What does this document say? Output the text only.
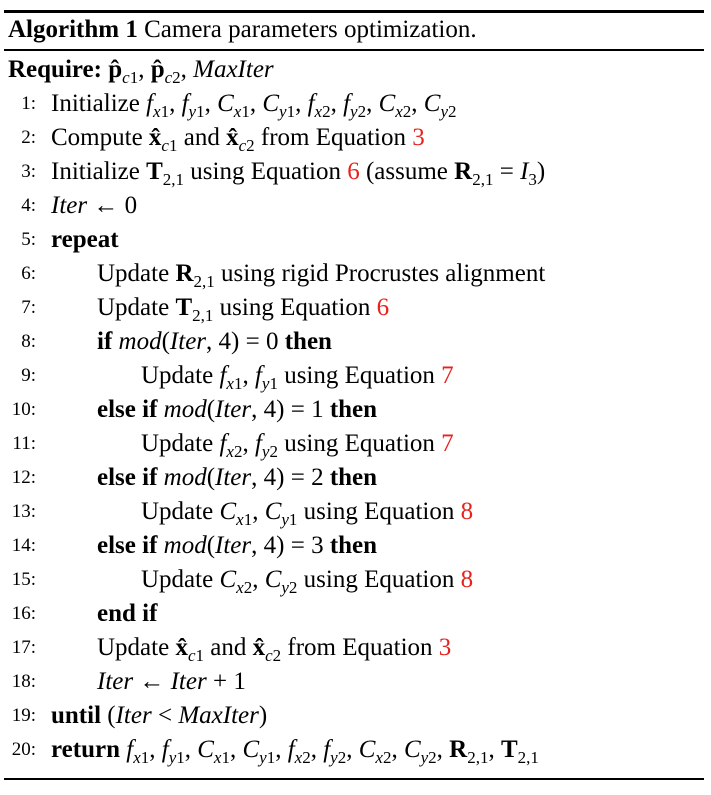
Algorithm 1 Camera parameters optimization.
Require: $p̂_{c1}$, $p̂_{c2}$, MaxIter
1 : Initialize $f_{x1}$, $f_{y1}$, $C_{x1}$, $C_{y1}$, $f_{x2}$, $f_{y2}$, $C_{x2}$, $C_{y2}$
2 : Compute $x̂_{c1}$ and $x̂_{c2}$ from Equation 3
3 : Initialize $T_{2,1}$ using Equation 6 (assume $R_{2,1} = I_3$)
4 : Iter ← 0
5 : repeat
6 :	Update $R_{2,1}$ using rigid Procrustes alignment
7 :	Update $T_{2,1}$ using Equation 6
8 :	if mod(Iter, 4) = 0 then
9 :	Update $f_{x1}$, $f_{y1}$ using Equation 7
10 :	else if mod(Iter, 4) = 1 then
11 :	Update $f_{x2}$, $f_{y2}$ using Equation 7
12 :	else if mod(Iter, 4) = 2 then
13 :	Update $C_{x1}$, $C_{y1}$ using Equation 8
14 :	else if mod(Iter, 4) = 3 then
15 :	Update $C_{x2}$, $C_{y2}$ using Equation 8
16 :	end if
17 :	Update $x̂_{c1}$ and $x̂_{c2}$ from Equation 3
18 :	Iter ← Iter + 1
19 : until (Iter < MaxIter)
20 : return $f_{x1}$, $f_{y1}$, $C_{x1}$, $C_{y1}$, $f_{x2}$, $f_{y2}$, $C_{x2}$, $C_{y2}$, $R_{2,1}$, $T_{2,1}$
